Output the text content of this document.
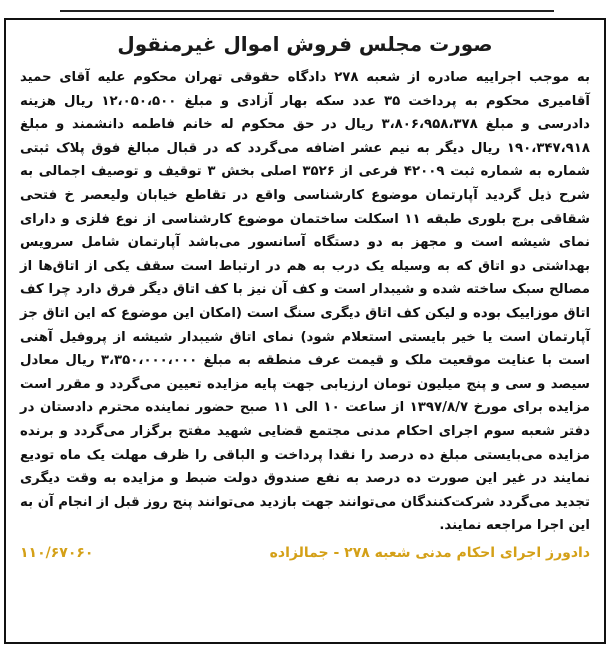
صورت مجلس فروش اموال غیرمنقول

به موجب اجراییه صادره از شعبه ۲۷۸ دادگاه حقوقی تهران محکوم علیه آقای حمید آقامیری محکوم به پرداخت ۳۵ عدد سکه بهار آزادی و مبلغ ۱۲،۰۵۰،۵۰۰ ریال هزینه دادرسی و مبلغ ۳،۸۰۶،۹۵۸،۳۷۸ ریال در حق محکوم له خانم فاطمه دانشمند و مبلغ ۱۹۰،۳۴۷،۹۱۸ ریال دیگر به نیم عشر اضافه می‌گردد که در قبال مبالغ فوق پلاک ثبتی شماره به شماره ثبت ۴۲۰۰۹ فرعی از ۳۵۲۶ اصلی بخش ۳ توقیف و توصیف اجمالی به شرح ذیل گردید آپارتمان موضوع کارشناسی واقع در تقاطع خیابان ولیعصر خ فتحی شقاقی برج بلوری طبقه ۱۱ اسکلت ساختمان موضوع کارشناسی از نوع فلزی و دارای نمای شیشه است و مجهز به دو دستگاه آسانسور می‌باشد آپارتمان شامل سرویس بهداشتی دو اتاق که به وسیله یک درب به هم در ارتباط است سقف یکی از اتاق‌ها از مصالح سبک ساخته شده و شیبدار است و کف آن نیز با کف اتاق دیگر فرق دارد چرا کف اتاق موزاییک بوده و لیکن کف اتاق دیگری سنگ است (امکان این موضوع که این اتاق جز آپارتمان است یا خیر بایستی استعلام شود) نمای اتاق شیبدار شیشه از پروفیل آهنی است با عنایت موقعیت ملک و قیمت عرف منطقه به مبلغ ۳،۳۵۰،۰۰۰،۰۰۰ ریال معادل سیصد و سی و پنج میلیون تومان ارزیابی جهت پایه مزایده تعیین می‌گردد و مقرر است مزایده برای مورخ ۱۳۹۷/۸/۷ از ساعت ۱۰ الی ۱۱ صبح حضور نماینده محترم دادستان در دفتر شعبه سوم اجرای احکام مدنی مجتمع قضایی شهید مفتح برگزار می‌گردد و برنده مزایده می‌بایستی مبلغ ده درصد را نقدا پرداخت و الباقی را ظرف مهلت یک ماه تودیع نمایند در غیر این صورت ده درصد به نفع صندوق دولت ضبط و مزایده به وقت دیگری تجدید می‌گردد شرکت‌کنندگان می‌توانند جهت بازدید می‌توانند پنج روز قبل از انجام آن به این اجرا مراجعه نمایند.

دادورز اجرای احکام مدنی شعبه ۲۷۸ - جمالزاده
۱۱۰/۶۷۰۶۰
